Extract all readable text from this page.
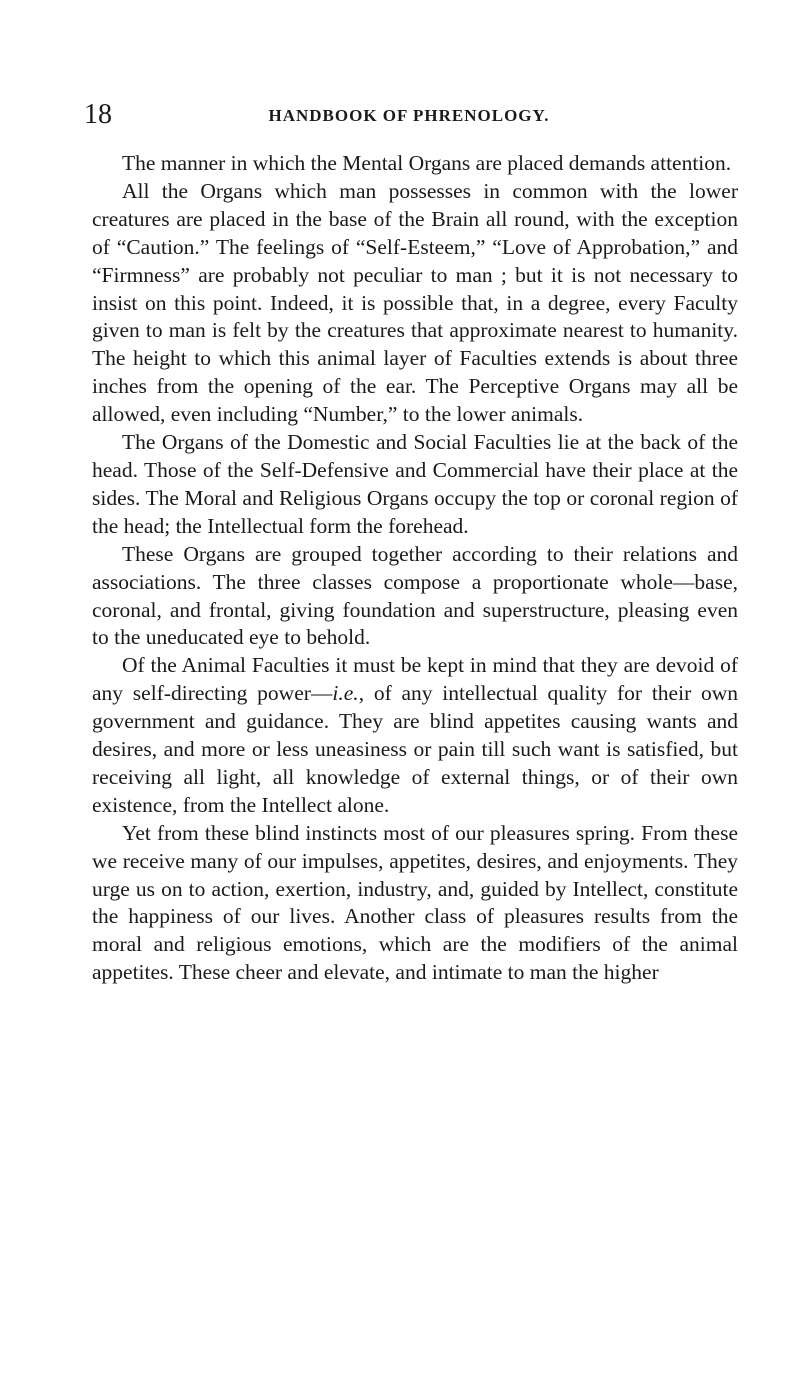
18	HANDBOOK OF PHRENOLOGY.

The manner in which the Mental Organs are placed demands attention.

All the Organs which man possesses in common with the lower creatures are placed in the base of the Brain all round, with the exception of “Caution.” The feelings of “Self-Esteem,” “Love of Approbation,” and “Firmness” are probably not peculiar to man ; but it is not necessary to insist on this point. Indeed, it is possible that, in a degree, every Faculty given to man is felt by the creatures that approximate nearest to humanity. The height to which this animal layer of Faculties extends is about three inches from the opening of the ear. The Perceptive Organs may all be allowed, even including “Number,” to the lower animals.

The Organs of the Domestic and Social Faculties lie at the back of the head. Those of the Self-Defensive and Commercial have their place at the sides. The Moral and Religious Organs occupy the top or coronal region of the head; the Intellectual form the forehead.

These Organs are grouped together according to their relations and associations. The three classes compose a proportionate whole—base, coronal, and frontal, giving foundation and superstructure, pleasing even to the uneducated eye to behold.

Of the Animal Faculties it must be kept in mind that they are devoid of any self-directing power—i.e., of any intellectual quality for their own government and guidance. They are blind appetites causing wants and desires, and more or less uneasiness or pain till such want is satisfied, but receiving all light, all knowledge of external things, or of their own existence, from the Intellect alone.

Yet from these blind instincts most of our pleasures spring. From these we receive many of our impulses, appetites, desires, and enjoyments. They urge us on to action, exertion, industry, and, guided by Intellect, constitute the happiness of our lives. Another class of pleasures results from the moral and religious emotions, which are the modifiers of the animal appetites. These cheer and elevate, and intimate to man the higher
